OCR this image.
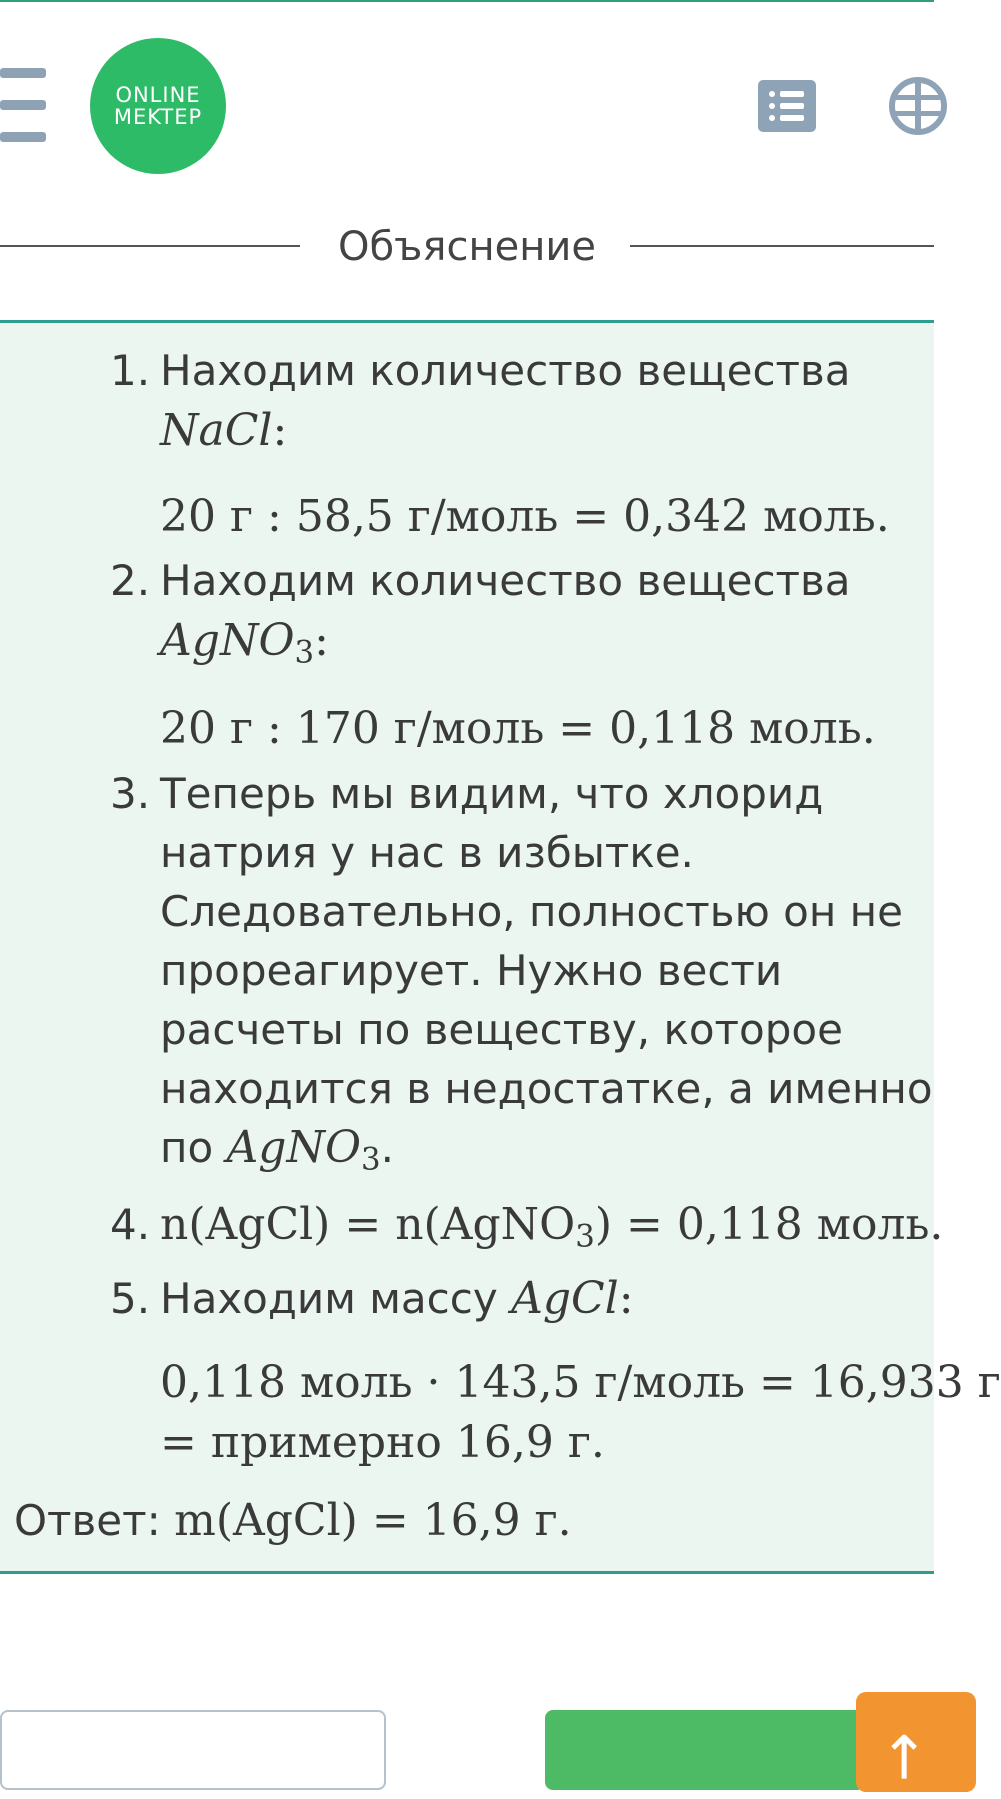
ONLINE
MEKTEP
Объяснение
1. Находим количество вещества
NaCl:
20 г : 58,5 г/моль = 0,342 моль.
2. Находим количество вещества
AgNO$_3$:
20 г : 170 г/моль = 0,118 моль.
3. Теперь мы видим, что хлорид
натрия у нас в избытке.
Следовательно, полностью он не
прореагирует. Нужно вести
расчеты по веществу, которое
находится в недостатке, а именно
по AgNO$_3$.
4. n(AgCl) = n(AgNO$_3$) = 0,118 моль.
5. Находим массу AgCl:
0,118 моль · 143,5 г/моль = 16,933 г
= примерно 16,9 г.
Ответ: m(AgCl) = 16,9 г.
↖
